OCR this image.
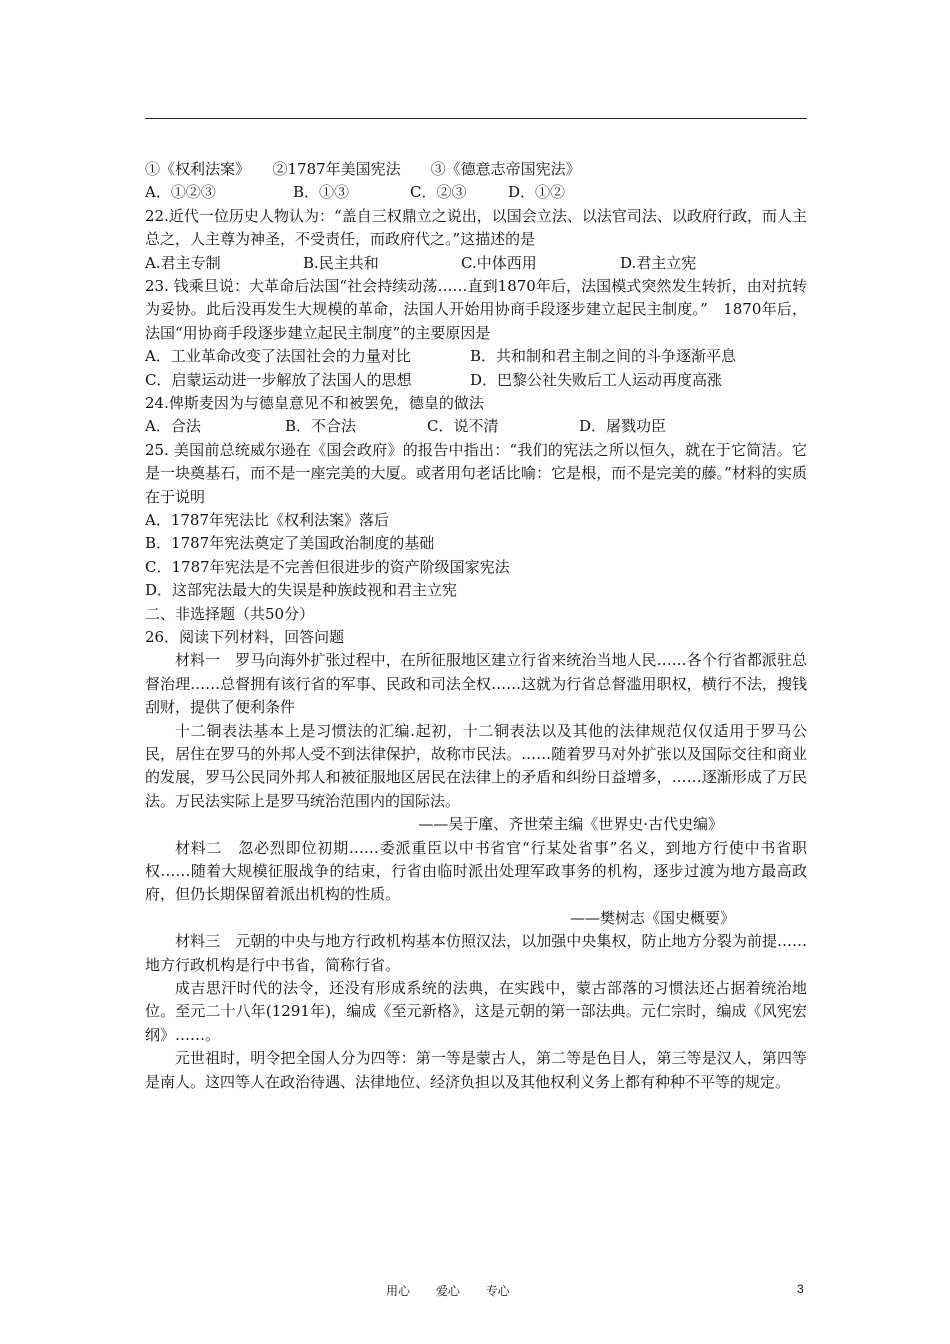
①《权利法案》　　②1787年美国宪法　　③《德意志帝国宪法》
A．①②③	B．①③	C．②③	D．①②
22.近代一位历史人物认为：“盖自三权鼎立之说出，以国会立法、以法官司法、以政府行政，而人主总之，人主尊为神圣，不受责任，而政府代之。”这描述的是
A.君主专制	B.民主共和	C.中体西用	D.君主立宪
23. 钱乘旦说：大革命后法国“社会持续动荡……直到1870年后，法国模式突然发生转折，由对抗转为妥协。此后没再发生大规模的革命，法国人开始用协商手段逐步建立起民主制度。”　1870年后，法国“用协商手段逐步建立起民主制度”的主要原因是
A．工业革命改变了法国社会的力量对比	B．共和制和君主制之间的斗争逐渐平息
C．启蒙运动进一步解放了法国人的思想	D．巴黎公社失败后工人运动再度高涨
24.俾斯麦因为与德皇意见不和被罢免，德皇的做法
A．合法	B．不合法	C．说不清	D．屠戮功臣
25. 美国前总统威尔逊在《国会政府》的报告中指出：“我们的宪法之所以恒久，就在于它简洁。它是一块奠基石，而不是一座完美的大厦。或者用句老话比喻：它是根，而不是完美的藤。”材料的实质在于说明
A．1787年宪法比《权利法案》落后
B．1787年宪法奠定了美国政治制度的基础
C．1787年宪法是不完善但很进步的资产阶级国家宪法
D．这部宪法最大的失误是种族歧视和君主立宪
二、非选择题（共50分）
26．阅读下列材料，回答问题
材料一　罗马向海外扩张过程中，在所征服地区建立行省来统治当地人民……各个行省都派驻总督治理……总督拥有该行省的军事、民政和司法全权……这就为行省总督滥用职权，横行不法，搜钱刮财，提供了便利条件
十二铜表法基本上是习惯法的汇编.起初，十二铜表法以及其他的法律规范仅仅适用于罗马公民，居住在罗马的外邦人受不到法律保护，故称市民法。……随着罗马对外扩张以及国际交往和商业的发展，罗马公民同外邦人和被征服地区居民在法律上的矛盾和纠纷日益增多，……逐渐形成了万民法。万民法实际上是罗马统治范围内的国际法。
——吴于廑、齐世荣主编《世界史·古代史编》
材料二　忽必烈即位初期……委派重臣以中书省官“行某处省事”名义，到地方行使中书省职权……随着大规模征服战争的结束，行省由临时派出处理军政事务的机构，逐步过渡为地方最高政府，但仍长期保留着派出机构的性质。
——樊树志《国史概要》
材料三　元朝的中央与地方行政机构基本仿照汉法，以加强中央集权，防止地方分裂为前提……地方行政机构是行中书省，简称行省。
成吉思汗时代的法令，还没有形成系统的法典，在实践中，蒙古部落的习惯法还占据着统治地位。至元二十八年(1291年)，编成《至元新格》，这是元朝的第一部法典。元仁宗时，编成《风宪宏纲》……。
元世祖时，明令把全国人分为四等：第一等是蒙古人，第二等是色目人，第三等是汉人，第四等是南人。这四等人在政治待遇、法律地位、经济负担以及其他权利义务上都有种种不平等的规定。
用心 爱心 专心	3
